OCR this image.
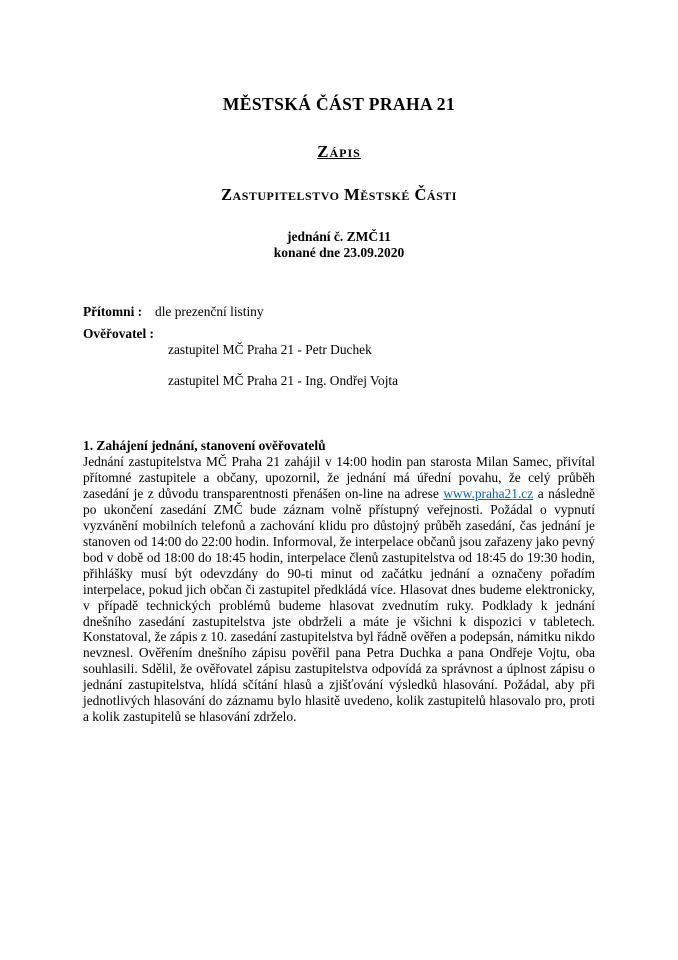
MĚSTSKÁ ČÁST PRAHA 21
Zápis
Zastupitelstvo Městské Části
jednání č. ZMČ11
konané dne 23.09.2020
Přítomni : dle prezenční listiny
Ověřovatel :

zastupitel MČ Praha 21 - Petr Duchek

zastupitel MČ Praha 21 - Ing. Ondřej Vojta

1. Zahájení jednání, stanovení ověřovatelů

Jednání zastupitelstva MČ Praha 21 zahájil v 14:00 hodin pan starosta Milan Samec, přivítal přítomné zastupitele a občany, upozornil, že jednání má úřední povahu, že celý průběh zasedání je z důvodu transparentnosti přenášen on-line na adrese www.praha21.cz a následně po ukončení zasedání ZMČ bude záznam volně přístupný veřejnosti. Požádal o vypnutí vyzvánění mobilních telefonů a zachování klidu pro důstojný průběh zasedání, čas jednání je stanoven od 14:00 do 22:00 hodin. Informoval, že interpelace občanů jsou zařazeny jako pevný bod v době od 18:00 do 18:45 hodin, interpelace členů zastupitelstva od 18:45 do 19:30 hodin, přihlášky musí být odevzdány do 90-ti minut od začátku jednání a označeny pořadím interpelace, pokud jich občan či zastupitel předkládá více. Hlasovat dnes budeme elektronicky, v případě technických problémů budeme hlasovat zvednutím ruky. Podklady k jednání dnešního zasedání zastupitelstva jste obdrželi a máte je všichni k dispozici v tabletech. Konstatoval, že zápis z 10. zasedání zastupitelstva byl řádně ověřen a podepsán, námitku nikdo nevznesl. Ověřením dnešního zápisu pověřil pana Petra Duchka a pana Ondřeje Vojtu, oba souhlasili. Sdělil, že ověřovatel zápisu zastupitelstva odpovídá za správnost a úplnost zápisu o jednání zastupitelstva, hlídá sčítání hlasů a zjišťování výsledků hlasování. Požádal, aby při jednotlivých hlasování do záznamu bylo hlasitě uvedeno, kolik zastupitelů hlasovalo pro, proti a kolik zastupitelů se hlasování zdrželo.
